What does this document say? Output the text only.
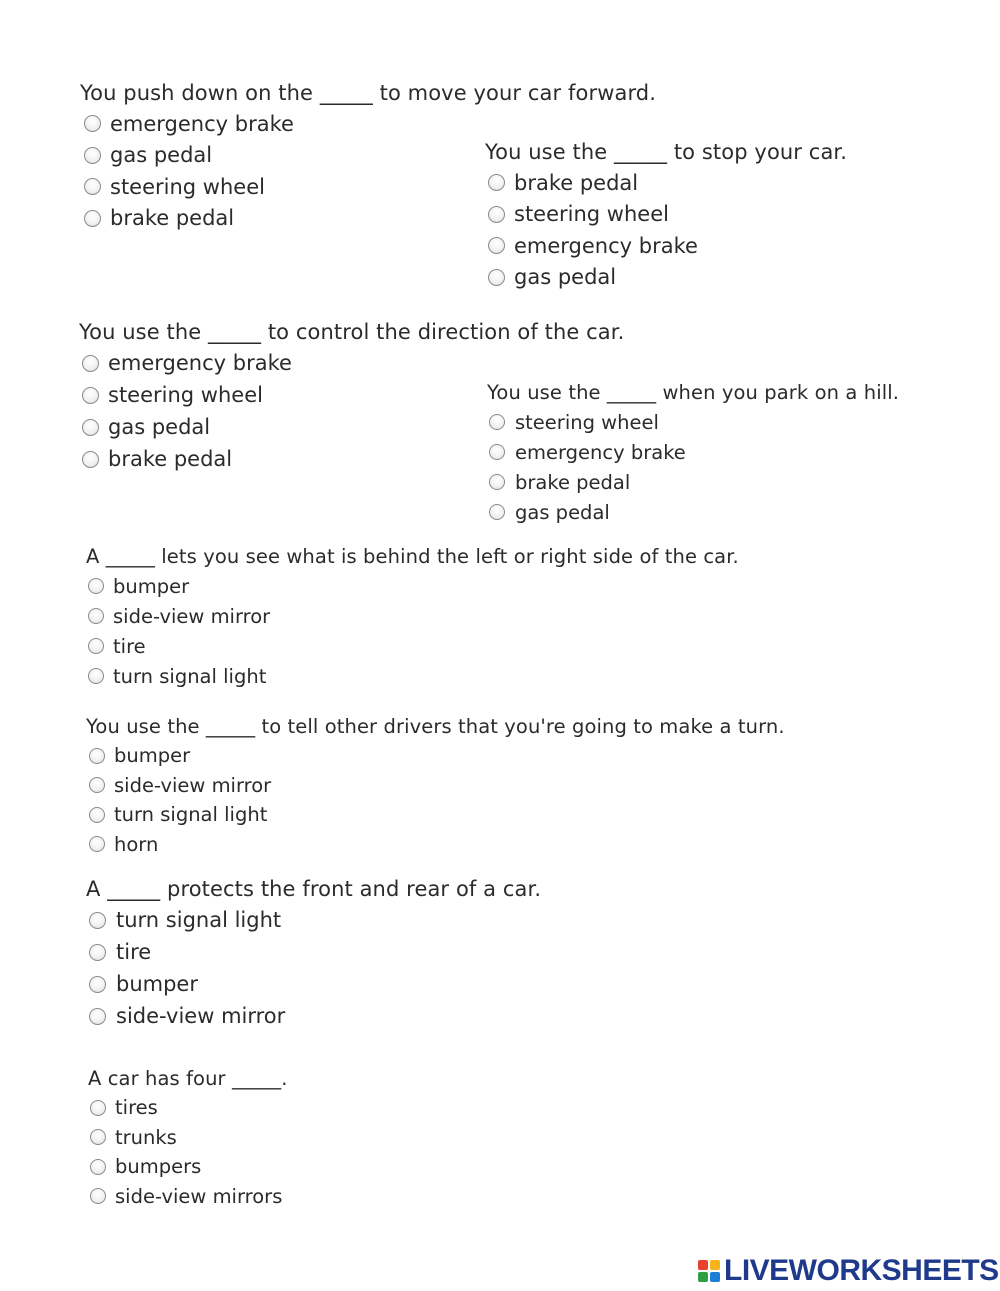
You push down on the _____ to move your car forward.
emergency brake
gas pedal
steering wheel
brake pedal
You use the _____ to stop your car.
brake pedal
steering wheel
emergency brake
gas pedal
You use the _____ to control the direction of the car.
emergency brake
steering wheel
gas pedal
brake pedal
You use the _____ when you park on a hill.
steering wheel
emergency brake
brake pedal
gas pedal
A _____ lets you see what is behind the left or right side of the car.
bumper
side-view mirror
tire
turn signal light
You use the _____ to tell other drivers that you're going to make a turn.
bumper
side-view mirror
turn signal light
horn
A _____ protects the front and rear of a car.
turn signal light
tire
bumper
side-view mirror
A car has four _____.
tires
trunks
bumpers
side-view mirrors
LIVEWORKSHEETS
